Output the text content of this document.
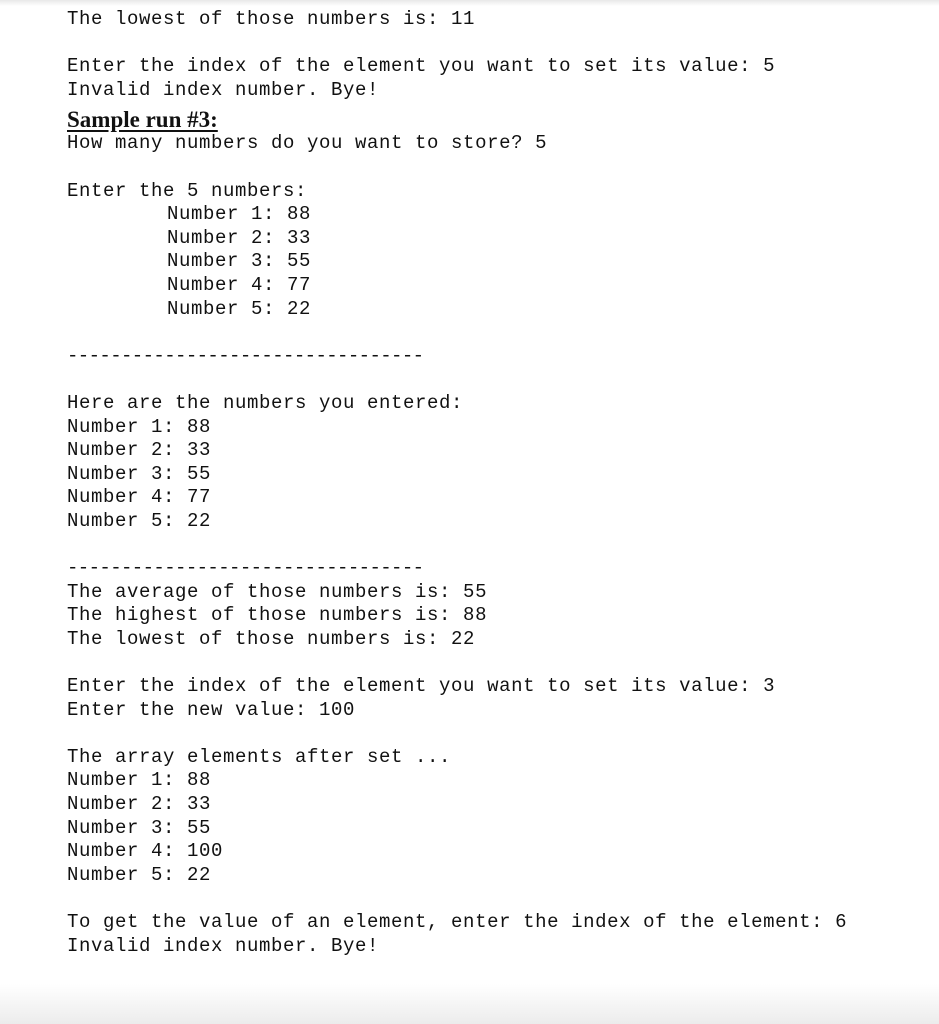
The lowest of those numbers is: 11
Enter the index of the element you want to set its value: 5
Invalid index number. Bye!
Sample run #3:
How many numbers do you want to store? 5
Enter the 5 numbers:
Number 1: 88
Number 2: 33
Number 3: 55
Number 4: 77
Number 5: 22
---------------------------------
Here are the numbers you entered:
Number 1: 88
Number 2: 33
Number 3: 55
Number 4: 77
Number 5: 22
---------------------------------
The average of those numbers is: 55
The highest of those numbers is: 88
The lowest of those numbers is: 22
Enter the index of the element you want to set its value: 3
Enter the new value: 100
The array elements after set ...
Number 1: 88
Number 2: 33
Number 3: 55
Number 4: 100
Number 5: 22
To get the value of an element, enter the index of the element: 6
Invalid index number. Bye!
